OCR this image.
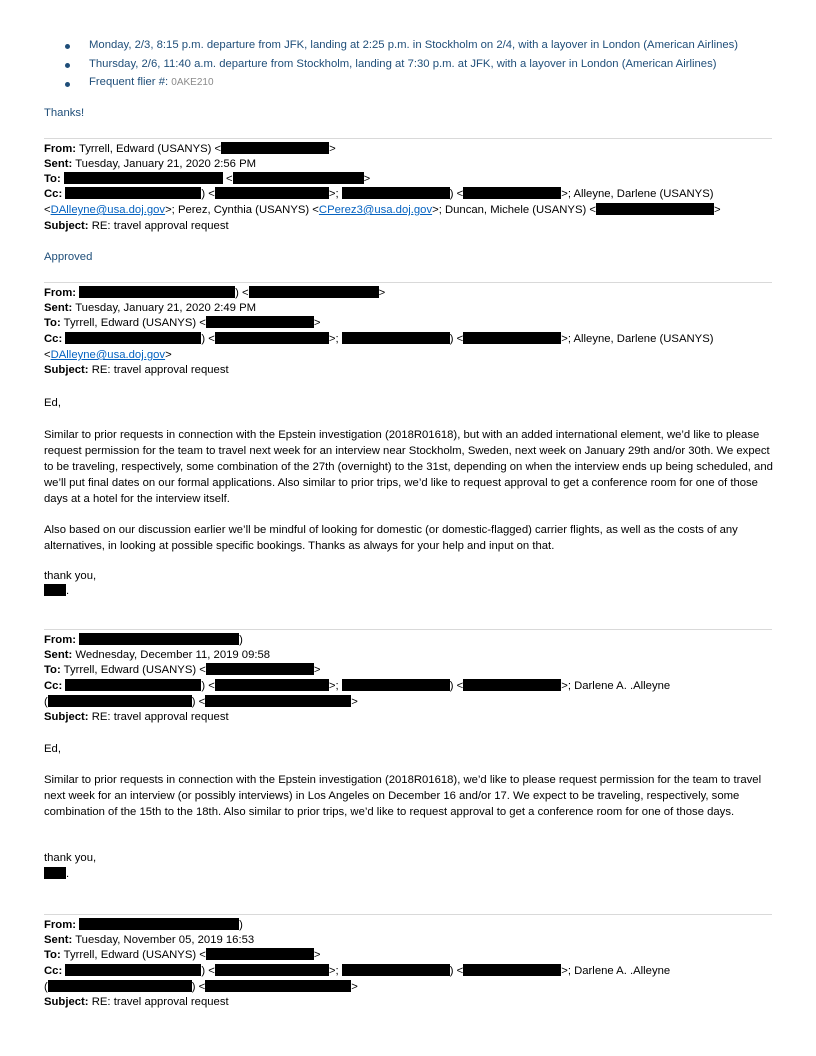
Monday, 2/3, 8:15 p.m. departure from JFK, landing at 2:25 p.m. in Stockholm on 2/4, with a layover in London (American Airlines)
Thursday, 2/6, 11:40 a.m. departure from Stockholm, landing at 7:30 p.m. at JFK, with a layover in London (American Airlines)
Frequent flier #: 0AKE210
Thanks!
From: Tyrrell, Edward (USANYS) <	>
Sent: Tuesday, January 21, 2020 2:56 PM
To:	<	>
Cc:	) <	>;	) <	>; Alleyne, Darlene (USANYS)
<DAlleyne@usa.doj.gov>; Perez, Cynthia (USANYS) <CPerez3@usa.doj.gov>; Duncan, Michele (USANYS) <	>
Subject: RE: travel approval request
Approved
From:	) <	>
Sent: Tuesday, January 21, 2020 2:49 PM
To: Tyrrell, Edward (USANYS) <	>
Cc:	) <	>;	) <	>; Alleyne, Darlene (USANYS)
<DAlleyne@usa.doj.gov>
Subject: RE: travel approval request
Ed,
Similar to prior requests in connection with the Epstein investigation (2018R01618), but with an added international element, we’d like to please request permission for the team to travel next week for an interview near Stockholm, Sweden, next week on January 29th and/or 30th. We expect to be traveling, respectively, some combination of the 27th (overnight) to the 31st, depending on when the interview ends up being scheduled, and we’ll put final dates on our formal applications. Also similar to prior trips, we’d like to request approval to get a conference room for one of those days at a hotel for the interview itself.
Also based on our discussion earlier we’ll be mindful of looking for domestic (or domestic-flagged) carrier flights, as well as the costs of any alternatives, in looking at possible specific bookings. Thanks as always for your help and input on that.
thank you,
.
From:	)
Sent: Wednesday, December 11, 2019 09:58
To: Tyrrell, Edward (USANYS) <	>
Cc:	) <	>;	) <	>; Darlene A. .Alleyne
(	) <	>
Subject: RE: travel approval request
Ed,
Similar to prior requests in connection with the Epstein investigation (2018R01618), we’d like to please request permission for the team to travel next week for an interview (or possibly interviews) in Los Angeles on December 16 and/or 17. We expect to be traveling, respectively, some combination of the 15th to the 18th. Also similar to prior trips, we’d like to request approval to get a conference room for one of those days.
thank you,
.
From:	)
Sent: Tuesday, November 05, 2019 16:53
To: Tyrrell, Edward (USANYS) <	>
Cc:	) <	>;	) <	>; Darlene A. .Alleyne
(	) <	>
Subject: RE: travel approval request
